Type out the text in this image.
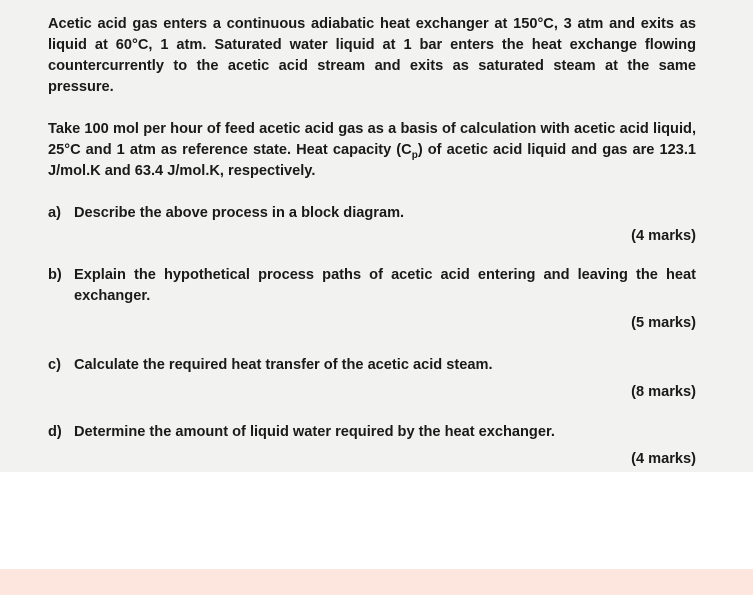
Acetic acid gas enters a continuous adiabatic heat exchanger at 150°C, 3 atm and exits as liquid at 60°C, 1 atm. Saturated water liquid at 1 bar enters the heat exchange flowing countercurrently to the acetic acid stream and exits as saturated steam at the same pressure.

Take 100 mol per hour of feed acetic acid gas as a basis of calculation with acetic acid liquid, 25°C and 1 atm as reference state. Heat capacity $(C_p)$ of acetic acid liquid and gas are 123.1 J/mol.K and 63.4 J/mol.K, respectively.

a) Describe the above process in a block diagram.

(4 marks)

b) Explain the hypothetical process paths of acetic acid entering and leaving the heat exchanger.

(5 marks)

c) Calculate the required heat transfer of the acetic acid steam.

(8 marks)

d) Determine the amount of liquid water required by the heat exchanger.

(4 marks)
